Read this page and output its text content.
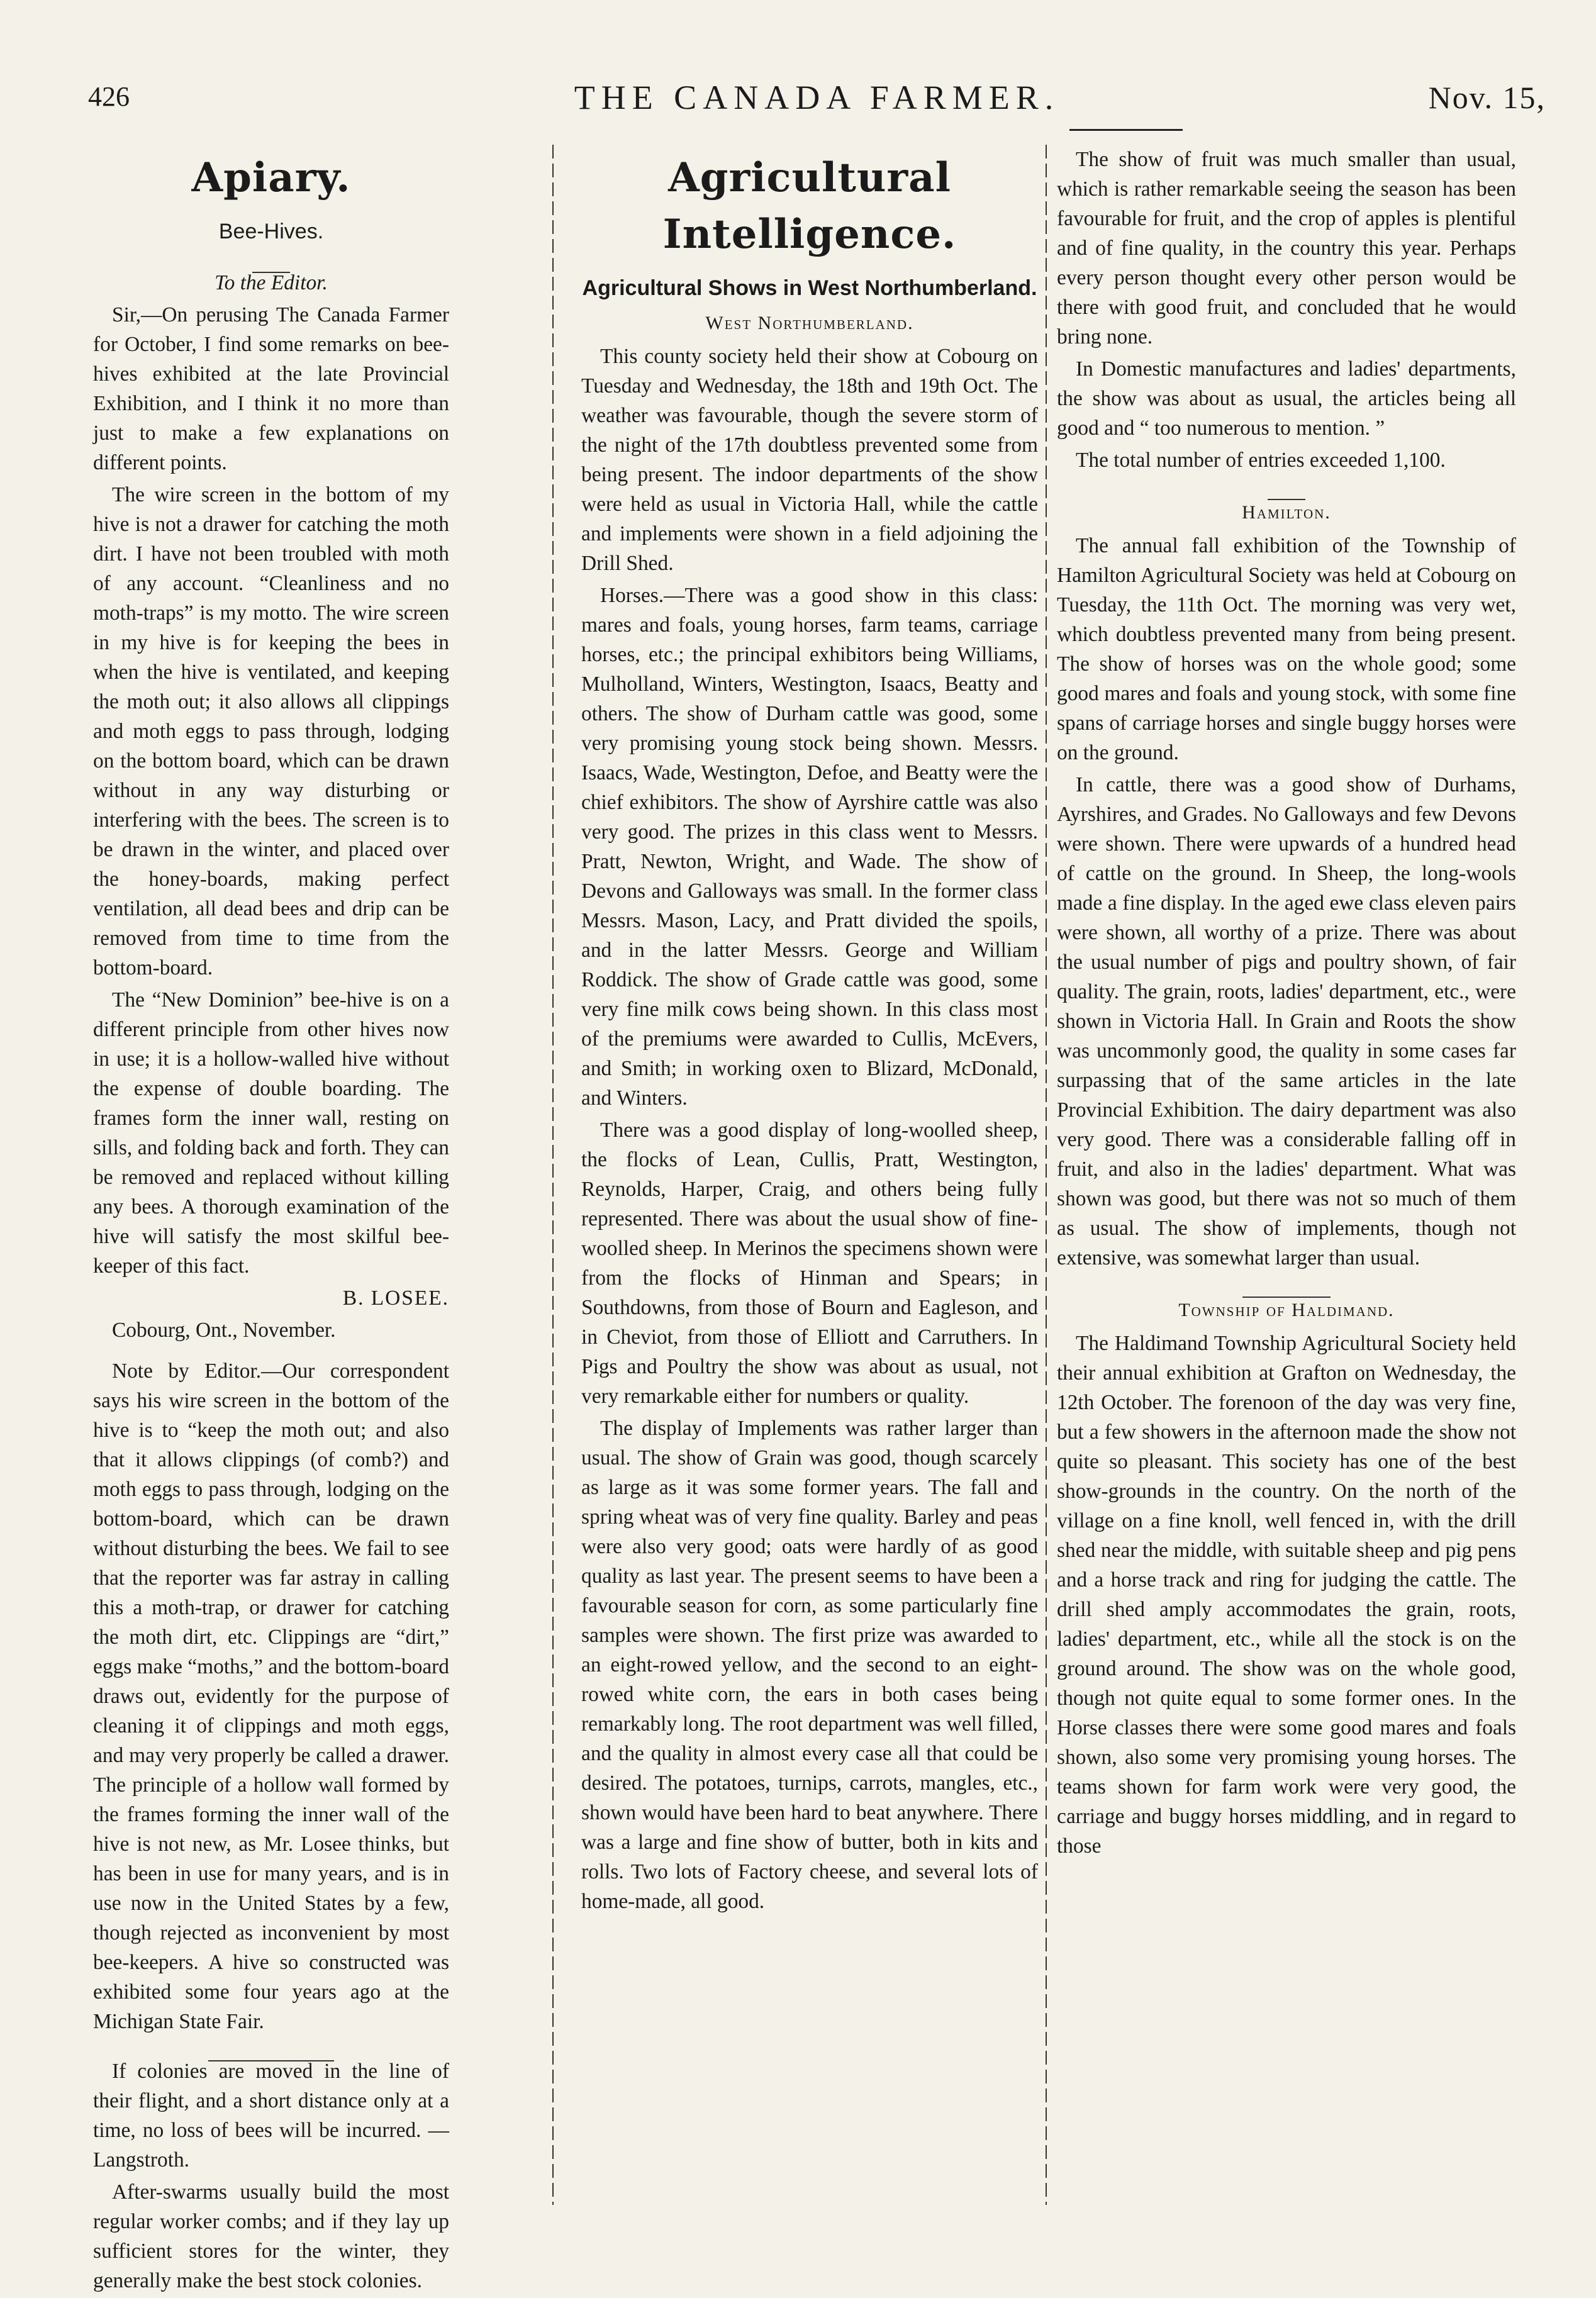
426	THE CANADA FARMER.	Nov. 15,
Apiary.
Bee-Hives.
To the Editor.

Sir,—On perusing The Canada Farmer for October, I find some remarks on bee-hives exhibited at the late Provincial Exhibition, and I think it no more than just to make a few explanations on different points.

The wire screen in the bottom of my hive is not a drawer for catching the moth dirt. I have not been troubled with moth of any account. “Cleanliness and no moth-traps” is my motto. The wire screen in my hive is for keeping the bees in when the hive is ventilated, and keeping the moth out; it also allows all clippings and moth eggs to pass through, lodging on the bottom board, which can be drawn without in any way disturbing or interfering with the bees. The screen is to be drawn in the winter, and placed over the honey-boards, making perfect ventilation, all dead bees and drip can be removed from time to time from the bottom-board.

The “New Dominion” bee-hive is on a different principle from other hives now in use; it is a hollow-walled hive without the expense of double boarding. The frames form the inner wall, resting on sills, and folding back and forth. They can be removed and replaced without killing any bees. A thorough examination of the hive will satisfy the most skilful bee-keeper of this fact.

B. LOSEE.
Cobourg, Ont., November.

Note by Editor.—Our correspondent says his wire screen in the bottom of the hive is to “keep the moth out; and also that it allows clippings (of comb?) and moth eggs to pass through, lodging on the bottom-board, which can be drawn without disturbing the bees. We fail to see that the reporter was far astray in calling this a moth-trap, or drawer for catching the moth dirt, etc. Clippings are “dirt,” eggs make “moths,” and the bottom-board draws out, evidently for the purpose of cleaning it of clippings and moth eggs, and may very properly be called a drawer. The principle of a hollow wall formed by the frames forming the inner wall of the hive is not new, as Mr. Losee thinks, but has been in use for many years, and is in use now in the United States by a few, though rejected as inconvenient by most bee-keepers. A hive so constructed was exhibited some four years ago at the Michigan State Fair.

If colonies are moved in the line of their flight, and a short distance only at a time, no loss of bees will be incurred. —Langstroth.

After-swarms usually build the most regular worker combs; and if they lay up sufficient stores for the winter, they generally make the best stock colonies.

Agricultural Intelligence.
Agricultural Shows in West Northumberland.
West Northumberland.

This county society held their show at Cobourg on Tuesday and Wednesday, the 18th and 19th Oct. The weather was favourable, though the severe storm of the night of the 17th doubtless prevented some from being present. The indoor departments of the show were held as usual in Victoria Hall, while the cattle and implements were shown in a field adjoining the Drill Shed.

Horses.—There was a good show in this class: mares and foals, young horses, farm teams, carriage horses, etc.; the principal exhibitors being Williams, Mulholland, Winters, Westington, Isaacs, Beatty and others. The show of Durham cattle was good, some very promising young stock being shown. Messrs. Isaacs, Wade, Westington, Defoe, and Beatty were the chief exhibitors. The show of Ayrshire cattle was also very good. The prizes in this class went to Messrs. Pratt, Newton, Wright, and Wade. The show of Devons and Galloways was small. In the former class Messrs. Mason, Lacy, and Pratt divided the spoils, and in the latter Messrs. George and William Roddick. The show of Grade cattle was good, some very fine milk cows being shown. In this class most of the premiums were awarded to Cullis, McEvers, and Smith; in working oxen to Blizard, McDonald, and Winters.

There was a good display of long-woolled sheep, the flocks of Lean, Cullis, Pratt, Westington, Reynolds, Harper, Craig, and others being fully represented. There was about the usual show of fine-woolled sheep. In Merinos the specimens shown were from the flocks of Hinman and Spears; in Southdowns, from those of Bourn and Eagleson, and in Cheviot, from those of Elliott and Carruthers. In Pigs and Poultry the show was about as usual, not very remarkable either for numbers or quality.

The display of Implements was rather larger than usual. The show of Grain was good, though scarcely as large as it was some former years. The fall and spring wheat was of very fine quality. Barley and peas were also very good; oats were hardly of as good quality as last year. The present seems to have been a favourable season for corn, as some particularly fine samples were shown. The first prize was awarded to an eight-rowed yellow, and the second to an eight-rowed white corn, the ears in both cases being remarkably long. The root department was well filled, and the quality in almost every case all that could be desired. The potatoes, turnips, carrots, mangles, etc., shown would have been hard to beat anywhere. There was a large and fine show of butter, both in kits and rolls. Two lots of Factory cheese, and several lots of home-made, all good.

The show of fruit was much smaller than usual, which is rather remarkable seeing the season has been favourable for fruit, and the crop of apples is plentiful and of fine quality, in the country this year. Perhaps every person thought every other person would be there with good fruit, and concluded that he would bring none.

In Domestic manufactures and ladies' departments, the show was about as usual, the articles being all good and “ too numerous to mention. ”

The total number of entries exceeded 1,100.

Hamilton.

The annual fall exhibition of the Township of Hamilton Agricultural Society was held at Cobourg on Tuesday, the 11th Oct. The morning was very wet, which doubtless prevented many from being present. The show of horses was on the whole good; some good mares and foals and young stock, with some fine spans of carriage horses and single buggy horses were on the ground.

In cattle, there was a good show of Durhams, Ayrshires, and Grades. No Galloways and few Devons were shown. There were upwards of a hundred head of cattle on the ground. In Sheep, the long-wools made a fine display. In the aged ewe class eleven pairs were shown, all worthy of a prize. There was about the usual number of pigs and poultry shown, of fair quality. The grain, roots, ladies' department, etc., were shown in Victoria Hall. In Grain and Roots the show was uncommonly good, the quality in some cases far surpassing that of the same articles in the late Provincial Exhibition. The dairy department was also very good. There was a considerable falling off in fruit, and also in the ladies' department. What was shown was good, but there was not so much of them as usual. The show of implements, though not extensive, was somewhat larger than usual.

Township of Haldimand.

The Haldimand Township Agricultural Society held their annual exhibition at Grafton on Wednesday, the 12th October. The forenoon of the day was very fine, but a few showers in the afternoon made the show not quite so pleasant. This society has one of the best show-grounds in the country. On the north of the village on a fine knoll, well fenced in, with the drill shed near the middle, with suitable sheep and pig pens and a horse track and ring for judging the cattle. The drill shed amply accommodates the grain, roots, ladies' department, etc., while all the stock is on the ground around. The show was on the whole good, though not quite equal to some former ones. In the Horse classes there were some good mares and foals shown, also some very promising young horses. The teams shown for farm work were very good, the carriage and buggy horses middling, and in regard to those
